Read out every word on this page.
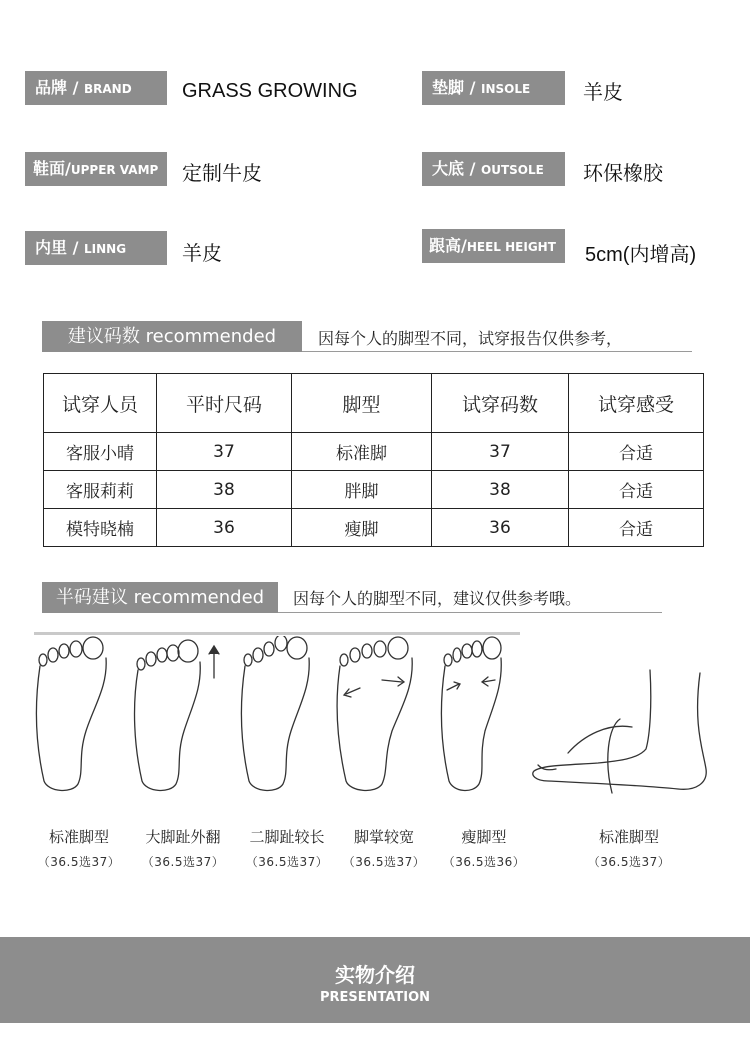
品牌 / BRAND	GRASS GROWING	垫脚 / INSOLE	羊皮
鞋面/UPPER VAMP	定制牛皮	大底 / OUTSOLE	环保橡胶
内里 / LINNG	羊皮	跟高/HEEL HEIGHT	5cm(内增高)
建议码数 recommended	因每个人的脚型不同，试穿报告仅供参考，
试穿人员	平时尺码	脚型	试穿码数	试穿感受
客服小晴	37	标准脚	37	合适
客服莉莉	38	胖脚	38	合适
模特晓楠	36	瘦脚	36	合适
半码建议 recommended	因每个人的脚型不同，建议仅供参考哦。
标准脚型
（36.5选37）
大脚趾外翻
（36.5选37）
二脚趾较长
（36.5选37）
脚掌较宽
（36.5选37）
瘦脚型
（36.5选36）
标准脚型
（36.5选37）
实物介绍
PRESENTATION
